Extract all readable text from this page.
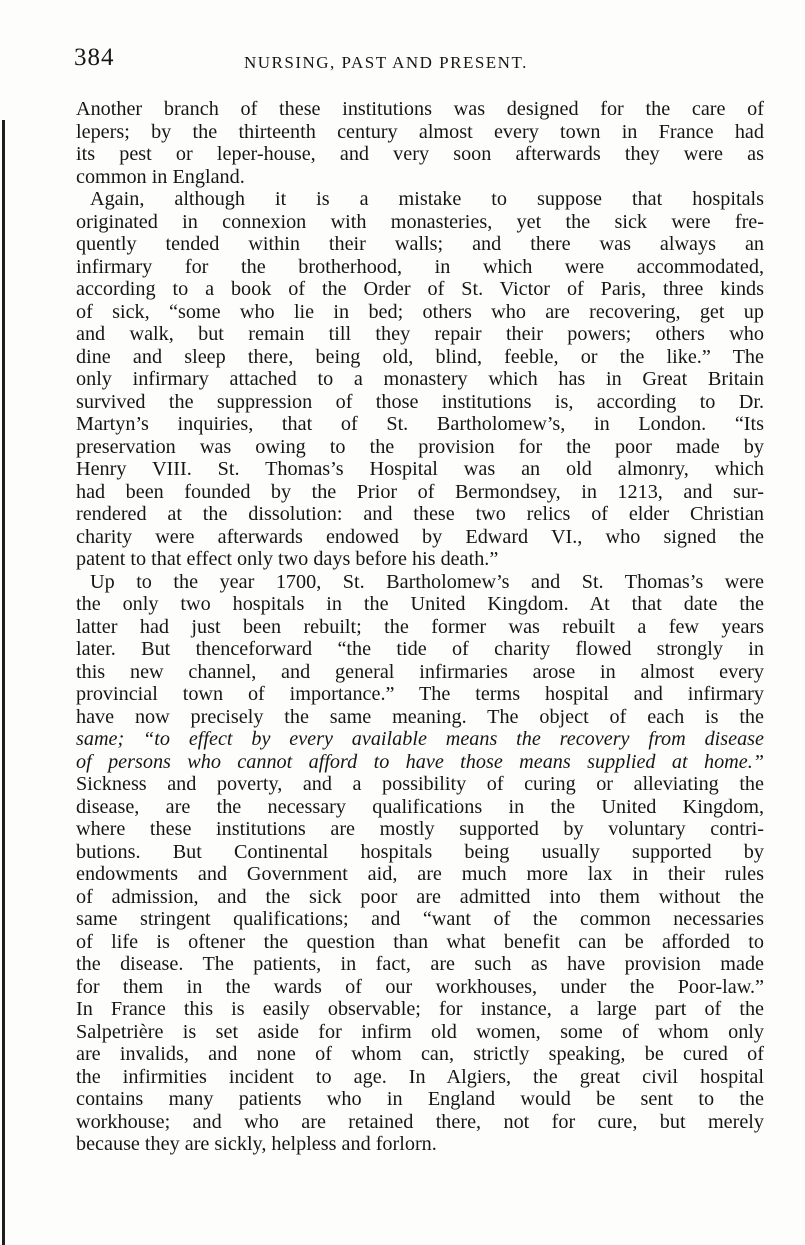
384	NURSING, PAST AND PRESENT.
Another branch of these institutions was designed for the care of
lepers; by the thirteenth century almost every town in France had
its pest or leper-house, and very soon afterwards they were as
common in England.
Again, although it is a mistake to suppose that hospitals
originated in connexion with monasteries, yet the sick were fre-
quently tended within their walls; and there was always an
infirmary for the brotherhood, in which were accommodated,
according to a book of the Order of St. Victor of Paris, three kinds
of sick, “some who lie in bed; others who are recovering, get up
and walk, but remain till they repair their powers; others who
dine and sleep there, being old, blind, feeble, or the like.” The
only infirmary attached to a monastery which has in Great Britain
survived the suppression of those institutions is, according to Dr.
Martyn’s inquiries, that of St. Bartholomew’s, in London. “Its
preservation was owing to the provision for the poor made by
Henry VIII. St. Thomas’s Hospital was an old almonry, which
had been founded by the Prior of Bermondsey, in 1213, and sur-
rendered at the dissolution: and these two relics of elder Christian
charity were afterwards endowed by Edward VI., who signed the
patent to that effect only two days before his death.”
Up to the year 1700, St. Bartholomew’s and St. Thomas’s were
the only two hospitals in the United Kingdom. At that date the
latter had just been rebuilt; the former was rebuilt a few years
later. But thenceforward “the tide of charity flowed strongly in
this new channel, and general infirmaries arose in almost every
provincial town of importance.” The terms hospital and infirmary
have now precisely the same meaning. The object of each is the
same; “to effect by every available means the recovery from disease
of persons who cannot afford to have those means supplied at home.”
Sickness and poverty, and a possibility of curing or alleviating the
disease, are the necessary qualifications in the United Kingdom,
where these institutions are mostly supported by voluntary contri-
butions. But Continental hospitals being usually supported by
endowments and Government aid, are much more lax in their rules
of admission, and the sick poor are admitted into them without the
same stringent qualifications; and “want of the common necessaries
of life is oftener the question than what benefit can be afforded to
the disease. The patients, in fact, are such as have provision made
for them in the wards of our workhouses, under the Poor-law.”
In France this is easily observable; for instance, a large part of the
Salpetrière is set aside for infirm old women, some of whom only
are invalids, and none of whom can, strictly speaking, be cured of
the infirmities incident to age. In Algiers, the great civil hospital
contains many patients who in England would be sent to the
workhouse; and who are retained there, not for cure, but merely
because they are sickly, helpless and forlorn.
